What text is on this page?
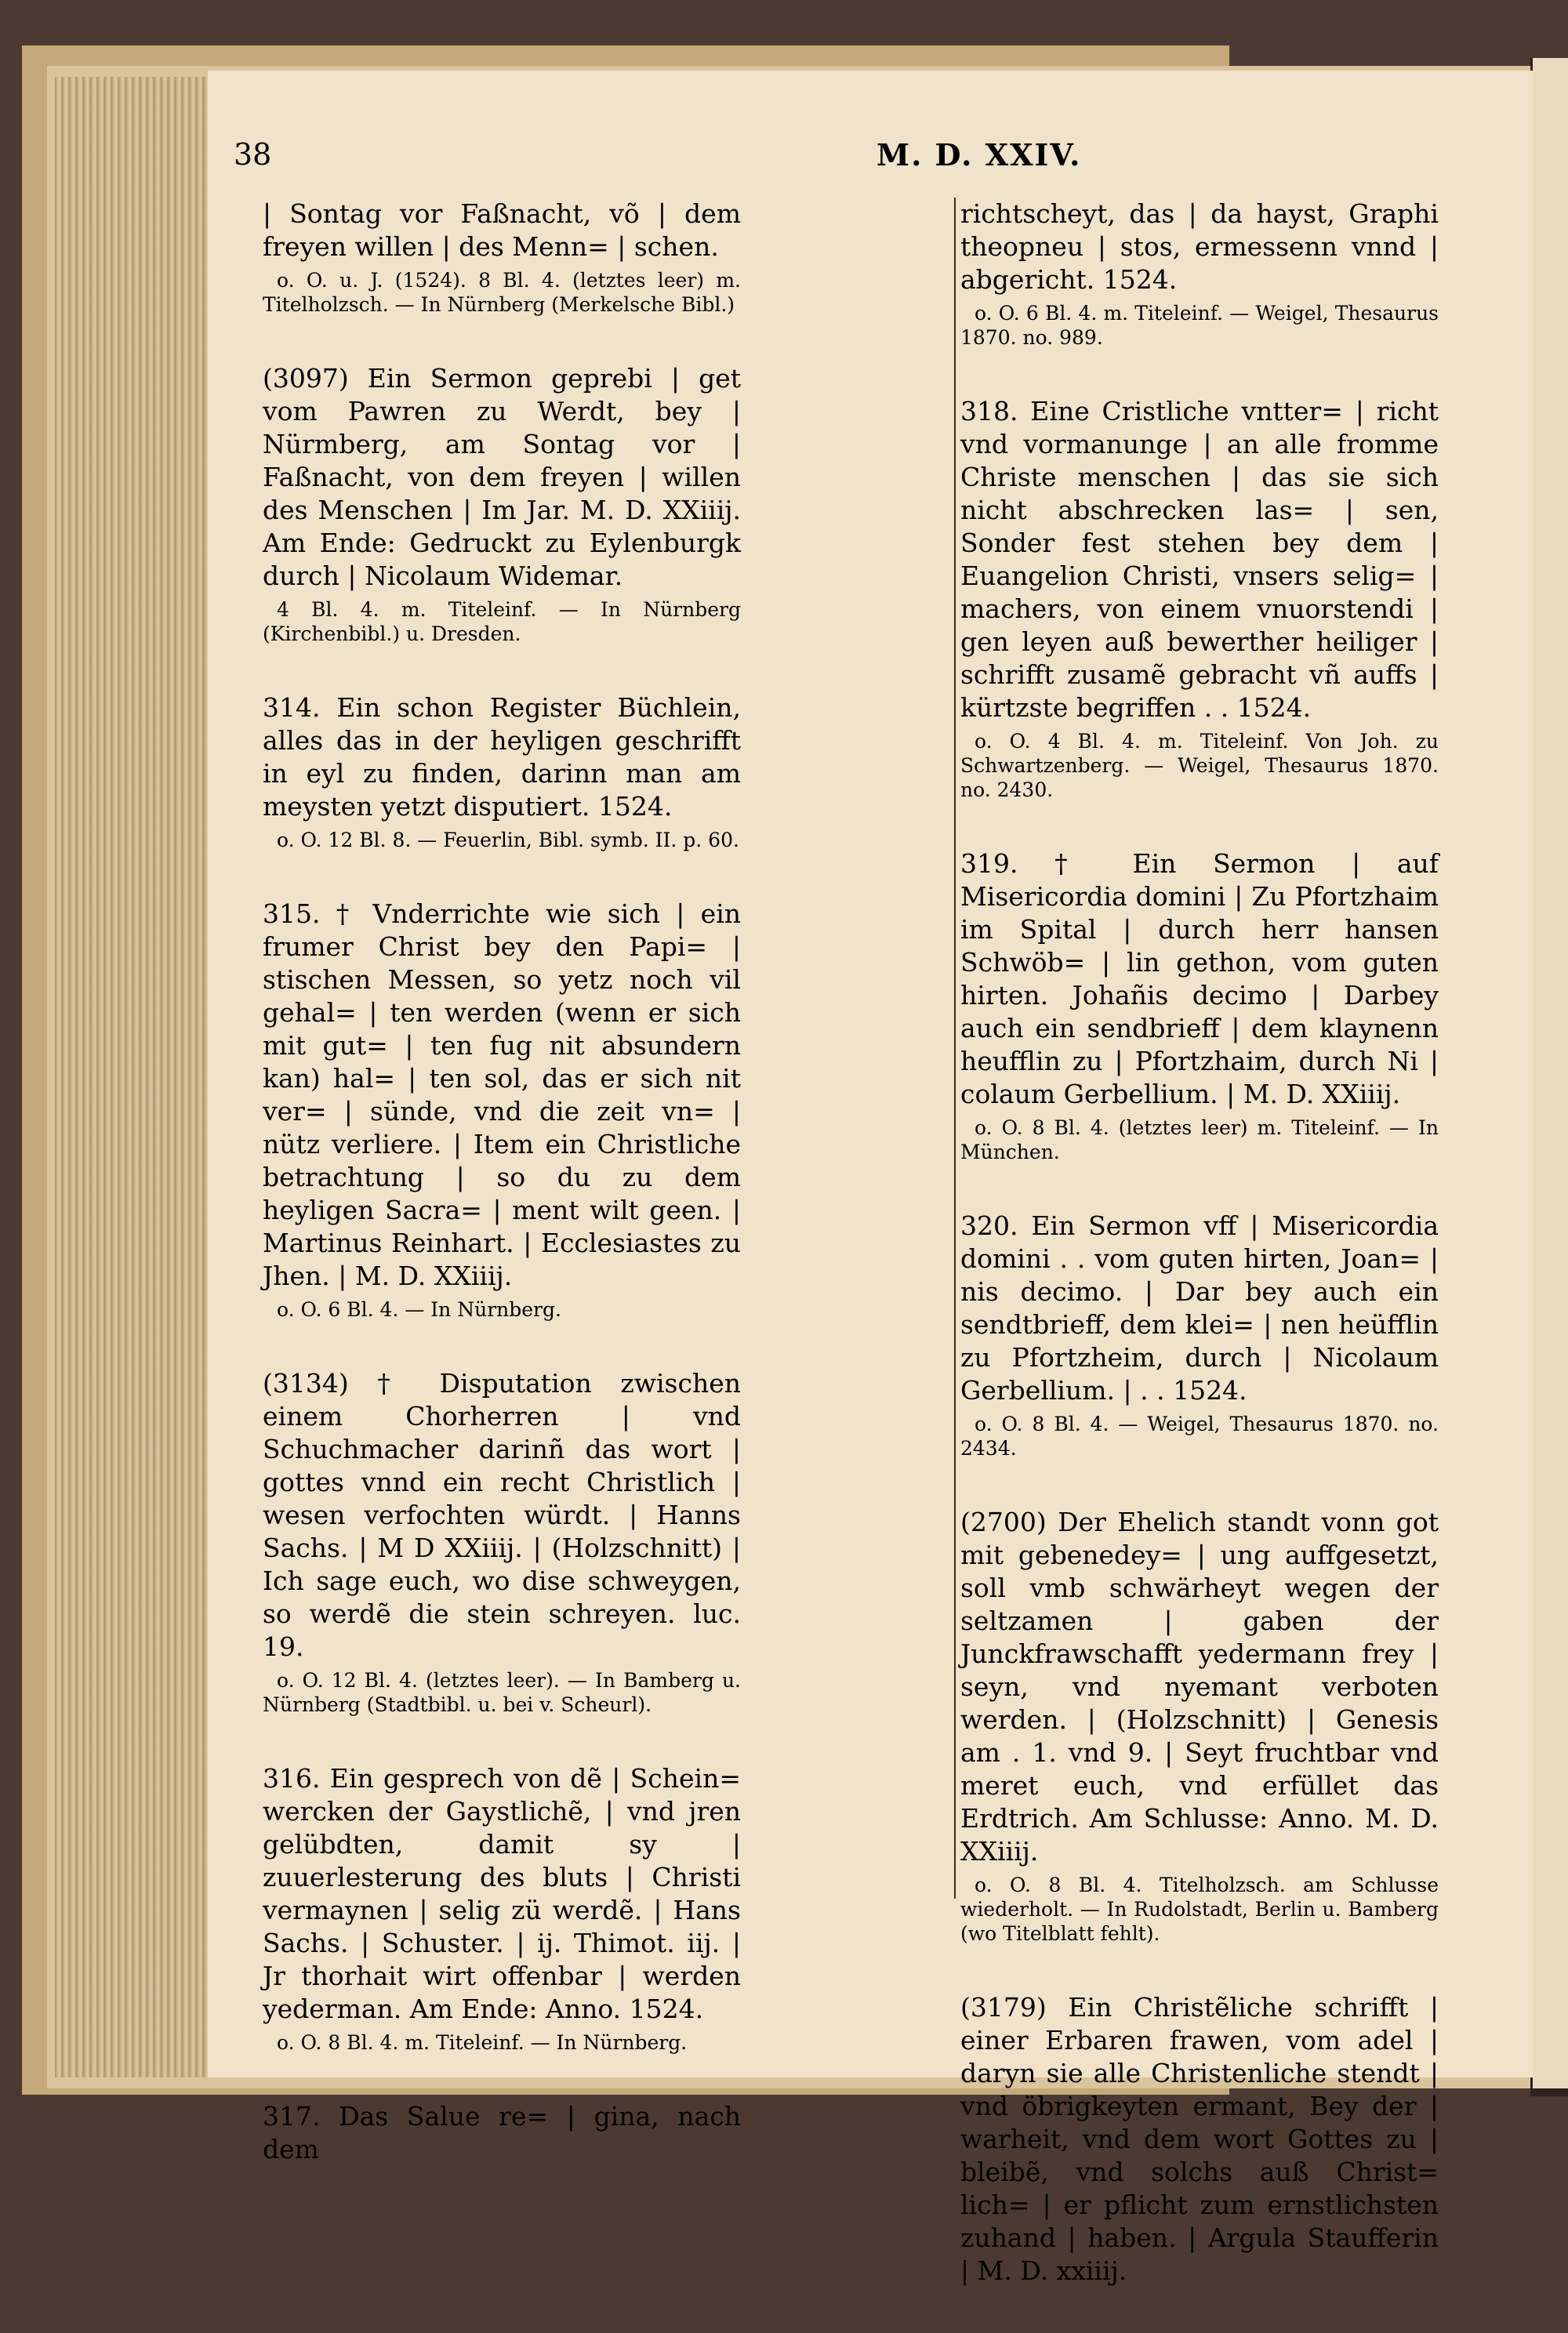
38	M. D. XXIV.
| Sontag vor Faßnacht, võ | dem freyen willen | des Menn= | schen.
o. O. u. J. (1524). 8 Bl. 4. (letztes leer) m. Titelholzsch. — In Nürnberg (Merkelsche Bibl.)
(3097) Ein Sermon geprebi | get vom Pawren zu Werdt, bey | Nürmberg, am Sontag vor | Faßnacht, von dem freyen | willen des Menschen | Im Jar. M. D. XXiiij. Am Ende: Gedruckt zu Eylenburgk durch | Nicolaum Widemar.
4 Bl. 4. m. Titeleinf. — In Nürnberg (Kirchenbibl.) u. Dresden.
314. Ein schon Register Büchlein, alles das in der heyligen geschrifft in eyl zu finden, darinn man am meysten yetzt disputiert. 1524.
o. O. 12 Bl. 8. — Feuerlin, Bibl. symb. II. p. 60.
315. † Vnderrichte wie sich | ein frumer Christ bey den Papi= | stischen Messen, so yetz noch vil gehal= | ten werden (wenn er sich mit gut= | ten fug nit absundern kan) hal= | ten sol, das er sich nit ver= | sünde, vnd die zeit vn= | nütz verliere. | Item ein Christliche betrachtung | so du zu dem heyligen Sacra= | ment wilt geen. | Martinus Reinhart. | Ecclesiastes zu Jhen. | M. D. XXiiij.
o. O. 6 Bl. 4. — In Nürnberg.
(3134) † Disputation zwischen einem Chorherren | vnd Schuchmacher darinñ das wort | gottes vnnd ein recht Christlich | wesen verfochten würdt. | Hanns Sachs. | M D XXiiij. | (Holzschnitt) | Ich sage euch, wo dise schweygen, so werdẽ die stein schreyen. luc. 19.
o. O. 12 Bl. 4. (letztes leer). — In Bamberg u. Nürnberg (Stadtbibl. u. bei v. Scheurl).
316. Ein gesprech von dẽ | Schein= wercken der Gaystlichẽ, | vnd jren gelübdten, damit sy | zuuerlesterung des bluts | Christi vermaynen | selig zü werdẽ. | Hans Sachs. | Schuster. | ij. Thimot. iij. | Jr thorhait wirt offenbar | werden yederman. Am Ende: Anno. 1524.
o. O. 8 Bl. 4. m. Titeleinf. — In Nürnberg.
317. Das Salue re= | gina, nach dem
richtscheyt, das | da hayst, Graphi theopneu | stos, ermessenn vnnd | abgericht. 1524.
o. O. 6 Bl. 4. m. Titeleinf. — Weigel, Thesaurus 1870. no. 989.
318. Eine Cristliche vntter= | richt vnd vormanunge | an alle fromme Christe menschen | das sie sich nicht abschrecken las= | sen, Sonder fest stehen bey dem | Euangelion Christi, vnsers selig= | machers, von einem vnuorstendi | gen leyen auß bewerther heiliger | schrifft zusamẽ gebracht vñ auffs | kürtzste begriffen . . 1524.
o. O. 4 Bl. 4. m. Titeleinf. Von Joh. zu Schwartzenberg. — Weigel, Thesaurus 1870. no. 2430.
319. † Ein Sermon | auf Misericordia domini | Zu Pfortzhaim im Spital | durch herr hansen Schwöb= | lin gethon, vom guten hirten. Johañis decimo | Darbey auch ein sendbrieff | dem klaynenn heufflin zu | Pfortzhaim, durch Ni | colaum Gerbellium. | M. D. XXiiij.
o. O. 8 Bl. 4. (letztes leer) m. Titeleinf. — In München.
320. Ein Sermon vff | Misericordia domini . . vom guten hirten, Joan= | nis decimo. | Dar bey auch ein sendtbrieff, dem klei= | nen heüfflin zu Pfortzheim, durch | Nicolaum Gerbellium. | . . 1524.
o. O. 8 Bl. 4. — Weigel, Thesaurus 1870. no. 2434.
(2700) Der Ehelich standt vonn got mit gebenedey= | ung auffgesetzt, soll vmb schwärheyt wegen der seltzamen | gaben der Junckfrawschafft yedermann frey | seyn, vnd nyemant verboten werden. | (Holzschnitt) | Genesis am . 1. vnd 9. | Seyt fruchtbar vnd meret euch, vnd erfüllet das Erdtrich. Am Schlusse: Anno. M. D. XXiiij.
o. O. 8 Bl. 4. Titelholzsch. am Schlusse wiederholt. — In Rudolstadt, Berlin u. Bamberg (wo Titelblatt fehlt).
(3179) Ein Christẽliche schrifft | einer Erbaren frawen, vom adel | daryn sie alle Christenliche stendt | vnd öbrigkeyten ermant, Bey der | warheit, vnd dem wort Gottes zu | bleibẽ, vnd solchs auß Christ= lich= | er pflicht zum ernstlichsten zuhand | haben. | Argula Staufferin | M. D. xxiiij.
